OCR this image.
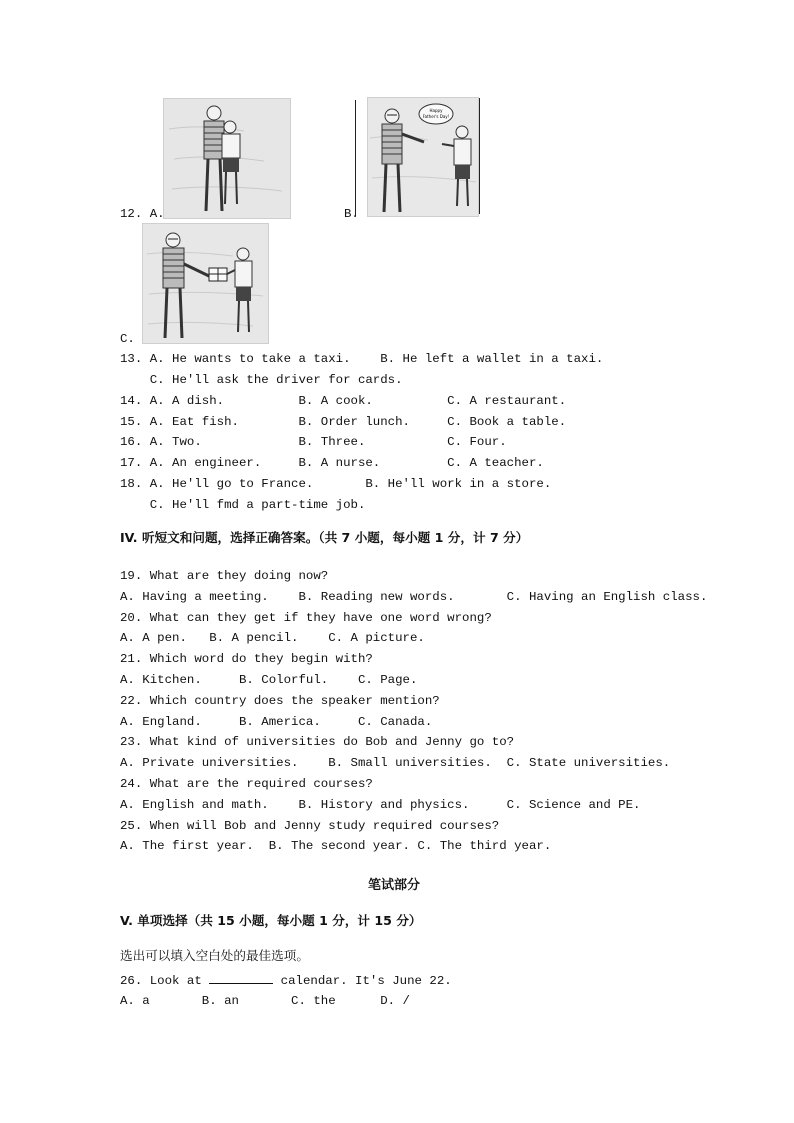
12. A.
Happy
Father's Day!
B.
C.
13. A. He wants to take a taxi.    B. He left a wallet in a taxi.
C. He'll ask the driver for cards.
14. A. A dish.          B. A cook.          C. A restaurant.
15. A. Eat fish.        B. Order lunch.     C. Book a table.
16. A. Two.             B. Three.           C. Four.
17. A. An engineer.     B. A nurse.         C. A teacher.
18. A. He'll go to France.       B. He'll work in a store.
C. He'll fmd a part-time job.
IV. 听短文和问题，选择正确答案。（共 7 小题，每小题 1 分，计 7 分）
19. What are they doing now?
A. Having a meeting.    B. Reading new words.       C. Having an English class.
20. What can they get if they have one word wrong?
A. A pen.   B. A pencil.    C. A picture.
21. Which word do they begin with?
A. Kitchen.     B. Colorful.    C. Page.
22. Which country does the speaker mention?
A. England.     B. America.     C. Canada.
23. What kind of universities do Bob and Jenny go to?
A. Private universities.    B. Small universities.  C. State universities.
24. What are the required courses?
A. English and math.    B. History and physics.     C. Science and PE.
25. When will Bob and Jenny study required courses?
A. The first year.  B. The second year. C. The third year.
笔试部分
V. 单项选择（共 15 小题，每小题 1 分，计 15 分）
选出可以填入空白处的最佳选项。
26. Look at	calendar. It's June 22.
A. a       B. an       C. the      D. /
